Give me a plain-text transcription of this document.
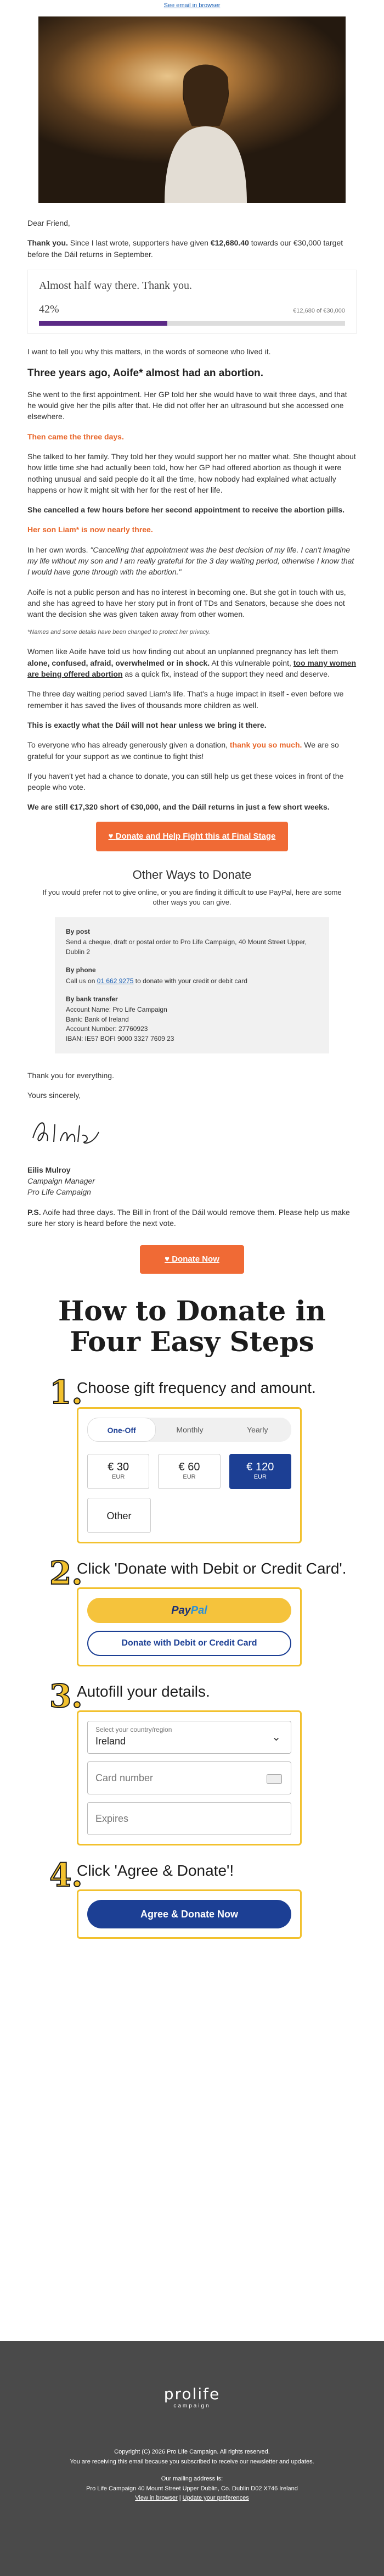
See email in browser

Dear Friend,

Thank you. Since I last wrote, supporters have given €12,680.40 towards our €30,000 target before the Dáil returns in September.

Almost half way there. Thank you.
42%	€12,680 of €30,000

I want to tell you why this matters, in the words of someone who lived it.

Three years ago, Aoife* almost had an abortion.

She went to the first appointment. Her GP told her she would have to wait three days, and that he would give her the pills after that. He did not offer her an ultrasound but she accessed one elsewhere.

Then came the three days.

She talked to her family. They told her they would support her no matter what. She thought about how little time she had actually been told, how her GP had offered abortion as though it were nothing unusual and said people do it all the time, how nobody had explained what actually happens or how it might sit with her for the rest of her life.

She cancelled a few hours before her second appointment to receive the abortion pills.

Her son Liam* is now nearly three.

In her own words. "Cancelling that appointment was the best decision of my life. I can't imagine my life without my son and I am really grateful for the 3 day waiting period, otherwise I know that I would have gone through with the abortion."

Aoife is not a public person and has no interest in becoming one. But she got in touch with us, and she has agreed to have her story put in front of TDs and Senators, because she does not want the decision she was given taken away from other women.

*Names and some details have been changed to protect her privacy.

Women like Aoife have told us how finding out about an unplanned pregnancy has left them alone, confused, afraid, overwhelmed or in shock. At this vulnerable point, too many women are being offered abortion as a quick fix, instead of the support they need and deserve.

The three day waiting period saved Liam's life. That's a huge impact in itself - even before we remember it has saved the lives of thousands more children as well.

This is exactly what the Dáil will not hear unless we bring it there.

To everyone who has already generously given a donation, thank you so much. We are so grateful for your support as we continue to fight this!

If you haven't yet had a chance to donate, you can still help us get these voices in front of the people who vote.

We are still €17,320 short of €30,000, and the Dáil returns in just a few short weeks.

♥ Donate and Help Fight this at Final Stage
Other Ways to Donate
If you would prefer not to give online, or you are finding it difficult to use PayPal, here are some other ways you can give.
By post
Send a cheque, draft or postal order to Pro Life Campaign, 40 Mount Street Upper, Dublin 2
By phone
Call us on 01 662 9275 to donate with your credit or debit card
By bank transfer
Account Name: Pro Life Campaign
Bank: Bank of Ireland
Account Number: 27760923
IBAN: IE57 BOFI 9000 3327 7609 23

Thank you for everything.

Yours sincerely,

Eilis Mulroy
Campaign Manager
Pro Life Campaign

P.S. Aoife had three days. The Bill in front of the Dáil would remove them. Please help us make sure her story is heard before the next vote.

♥ Donate Now
How to Donate in
Four Easy Steps
1.
Choose gift frequency and amount.
One-Off	Monthly	Yearly
€ 30
EUR
€ 60
EUR
€ 120
EUR
Other
2.
Click 'Donate with Debit or Credit Card'.
PayPal
Donate with Debit or Credit Card
3.
Autofill your details.
Select your country/region
Ireland	⌄
Card number
Expires
4.
Click 'Agree & Donate'!
Agree & Donate Now
prolife
campaign
Copyright (C) 2026 Pro Life Campaign. All rights reserved.
You are receiving this email because you subscribed to receive our newsletter and updates.
Our mailing address is:
Pro Life Campaign 40 Mount Street Upper Dublin, Co. Dublin D02 X746 Ireland
View in browser | Update your preferences
